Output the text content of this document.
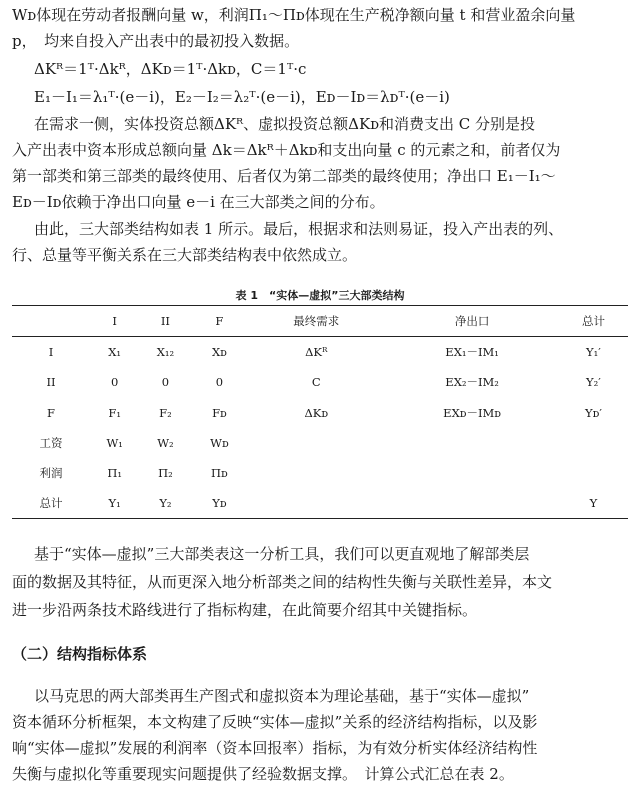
Wᴅ体现在劳动者报酬向量 w，利润Π₁～Πᴅ体现在生产税净额向量 t 和营业盈余向量
p，　均来自投入产出表中的最初投入数据。
ΔKᴿ＝1ᵀ·Δkᴿ，ΔKᴅ＝1ᵀ·Δkᴅ，C＝1ᵀ·c
E₁－I₁＝λ₁ᵀ·(e－i)，E₂－I₂＝λ₂ᵀ·(e－i)，Eᴅ－Iᴅ＝λᴅᵀ·(e－i)
在需求一侧，实体投资总额ΔKᴿ、虚拟投资总额ΔKᴅ和消费支出 C 分别是投
入产出表中资本形成总额向量 Δk＝Δkᴿ＋Δkᴅ和支出向量 c 的元素之和，前者仅为
第一部类和第三部类的最终使用、后者仅为第二部类的最终使用；净出口 E₁－I₁～
Eᴅ－Iᴅ依赖于净出口向量 e－i 在三大部类之间的分布。
由此，三大部类结构如表 1 所示。最后，根据求和法则易证，投入产出表的列、
行、总量等平衡关系在三大部类结构表中依然成立。
表 1　“实体—虚拟”三大部类结构
	I	II	F	最终需求	净出口	总计
I	X₁	X₁₂	Xᴅ	ΔKᴿ	EX₁－IM₁	Y₁′
II	0	0	0	C	EX₂－IM₂	Y₂′
F	F₁	F₂	Fᴅ	ΔKᴅ	EXᴅ－IMᴅ	Yᴅ′
工资	W₁	W₂	Wᴅ			
利润	Π₁	Π₂	Πᴅ			
总计	Y₁	Y₂	Yᴅ			Y
基于“实体—虚拟”三大部类表这一分析工具，我们可以更直观地了解部类层
面的数据及其特征，从而更深入地分析部类之间的结构性失衡与关联性差异，本文
进一步沿两条技术路线进行了指标构建，在此简要介绍其中关键指标。
（二）结构指标体系
以马克思的两大部类再生产图式和虚拟资本为理论基础，基于“实体—虚拟”
资本循环分析框架，本文构建了反映“实体—虚拟”关系的经济结构指标，以及影
响“实体—虚拟”发展的利润率（资本回报率）指标，为有效分析实体经济结构性
失衡与虚拟化等重要现实问题提供了经验数据支撑。　计算公式汇总在表 2。
